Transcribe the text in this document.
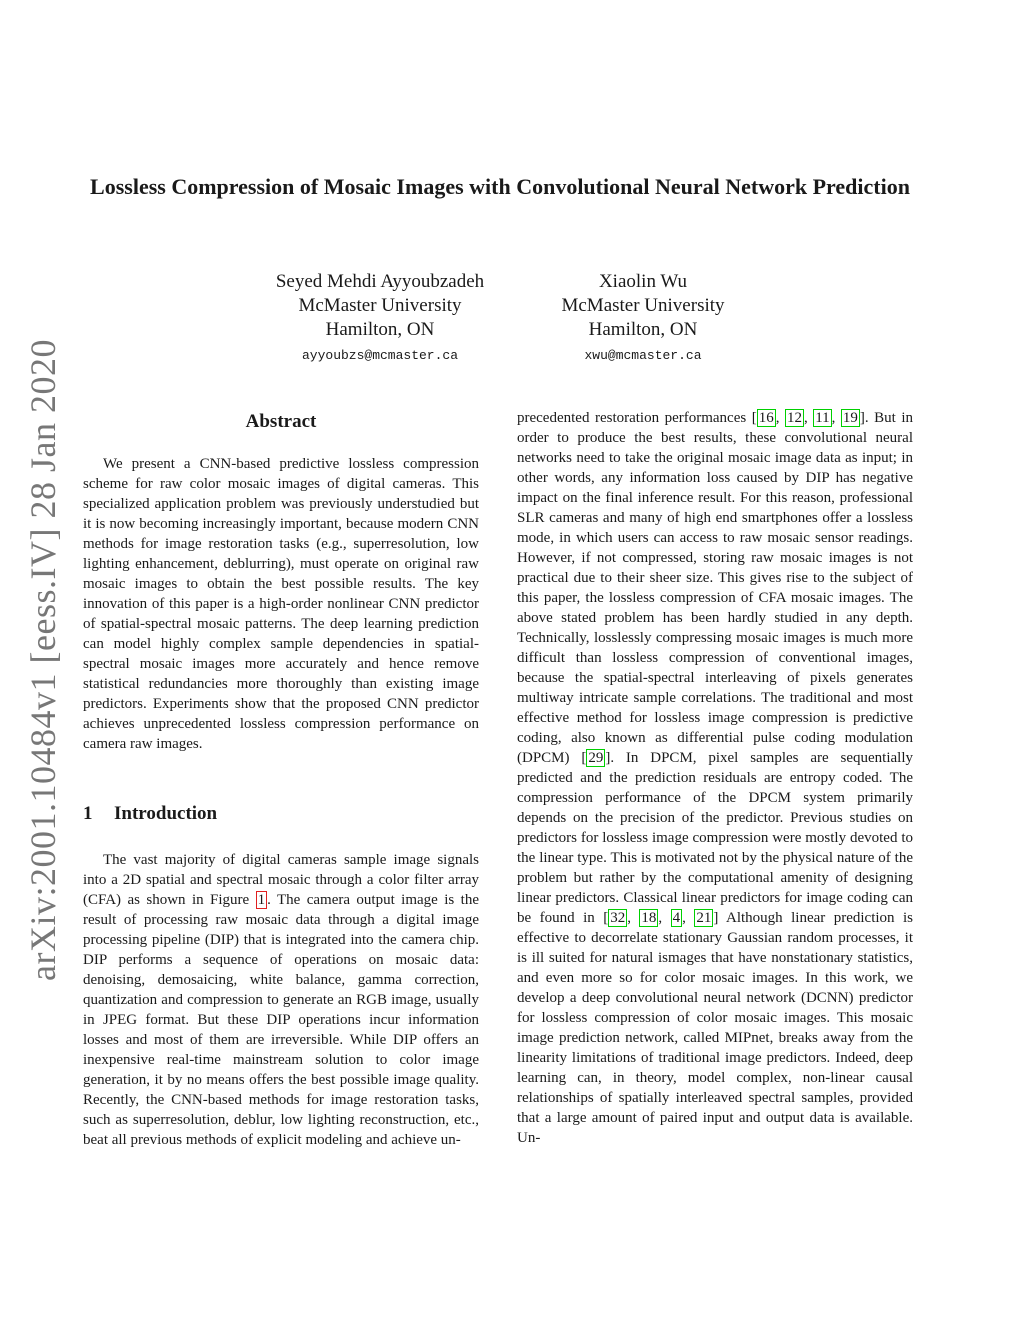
arXiv:2001.10484v1 [eess.IV] 28 Jan 2020
Lossless Compression of Mosaic Images with Convolutional Neural Network Prediction
Seyed Mehdi Ayyoubzadeh
McMaster University
Hamilton, ON
ayyoubzs@mcmaster.ca
Xiaolin Wu
McMaster University
Hamilton, ON
xwu@mcmaster.ca
Abstract

We present a CNN-based predictive lossless compression scheme for raw color mosaic images of digital cameras. This specialized application problem was previously understudied but it is now becoming increasingly important, because modern CNN methods for image restoration tasks (e.g., superresolution, low lighting enhancement, deblurring), must operate on original raw mosaic images to obtain the best possible results. The key innovation of this paper is a high-order nonlinear CNN predictor of spatial-spectral mosaic patterns. The deep learning prediction can model highly complex sample dependencies in spatial-spectral mosaic images more accurately and hence remove statistical redundancies more thoroughly than existing image predictors. Experiments show that the proposed CNN predictor achieves unprecedented lossless compression performance on camera raw images.

1 Introduction

The vast majority of digital cameras sample image signals into a 2D spatial and spectral mosaic through a color filter array (CFA) as shown in Figure 1 . The camera output image is the result of processing raw mosaic data through a digital image processing pipeline (DIP) that is integrated into the camera chip. DIP performs a sequence of operations on mosaic data: denoising, demosaicing, white balance, gamma correction, quantization and compression to generate an RGB image, usually in JPEG format. But these DIP operations incur information losses and most of them are irreversible. While DIP offers an inexpensive real-time mainstream solution to color image generation, it by no means offers the best possible image quality. Recently, the CNN-based methods for image restoration tasks, such as superresolution, deblur, low lighting reconstruction, etc., beat all previous methods of explicit modeling and achieve un-

precedented restoration performances [ 16 , 12 , 11 , 19 ]. But in order to produce the best results, these convolutional neural networks need to take the original mosaic image data as input; in other words, any information loss caused by DIP has negative impact on the final inference result. For this reason, professional SLR cameras and many of high end smartphones offer a lossless mode, in which users can access to raw mosaic sensor readings. However, if not compressed, storing raw mosaic images is not practical due to their sheer size. This gives rise to the subject of this paper, the lossless compression of CFA mosaic images. The above stated problem has been hardly studied in any depth. Technically, losslessly compressing mosaic images is much more difficult than lossless compression of conventional images, because the spatial-spectral interleaving of pixels generates multiway intricate sample correlations. The traditional and most effective method for lossless image compression is predictive coding, also known as differential pulse coding modulation (DPCM) [ 29 ]. In DPCM, pixel samples are sequentially predicted and the prediction residuals are entropy coded. The compression performance of the DPCM system primarily depends on the precision of the predictor. Previous studies on predictors for lossless image compression were mostly devoted to the linear type. This is motivated not by the physical nature of the problem but rather by the computational amenity of designing linear predictors. Classical linear predictors for image coding can be found in [ 32 , 18 , 4 , 21 ] Although linear prediction is effective to decorrelate stationary Gaussian random processes, it is ill suited for natural ismages that have nonstationary statistics, and even more so for color mosaic images. In this work, we develop a deep convolutional neural network (DCNN) predictor for lossless compression of color mosaic images. This mosaic image prediction network, called MIPnet, breaks away from the linearity limitations of traditional image predictors. Indeed, deep learning can, in theory, model complex, non-linear causal relationships of spatially interleaved spectral samples, provided that a large amount of paired input and output data is available. Un-
